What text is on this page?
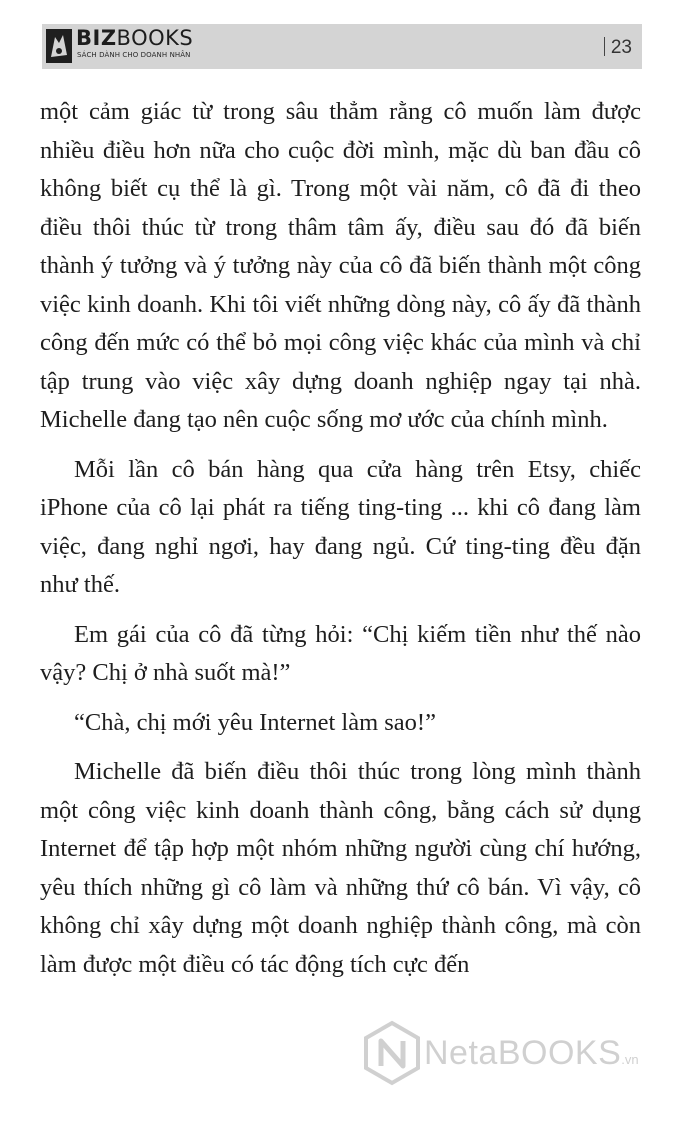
BIZBOOKS
SÁCH DÀNH CHO DOANH NHÂN	23

một cảm giác từ trong sâu thẳm rằng cô muốn làm được nhiều điều hơn nữa cho cuộc đời mình, mặc dù ban đầu cô không biết cụ thể là gì. Trong một vài năm, cô đã đi theo điều thôi thúc từ trong thâm tâm ấy, điều sau đó đã biến thành ý tưởng và ý tưởng này của cô đã biến thành một công việc kinh doanh. Khi tôi viết những dòng này, cô ấy đã thành công đến mức có thể bỏ mọi công việc khác của mình và chỉ tập trung vào việc xây dựng doanh nghiệp ngay tại nhà. Michelle đang tạo nên cuộc sống mơ ước của chính mình.

Mỗi lần cô bán hàng qua cửa hàng trên Etsy, chiếc iPhone của cô lại phát ra tiếng ting-ting ... khi cô đang làm việc, đang nghỉ ngơi, hay đang ngủ. Cứ ting-ting đều đặn như thế.

Em gái của cô đã từng hỏi: “Chị kiếm tiền như thế nào vậy? Chị ở nhà suốt mà!”

“Chà, chị mới yêu Internet làm sao!”

Michelle đã biến điều thôi thúc trong lòng mình thành một công việc kinh doanh thành công, bằng cách sử dụng Internet để tập hợp một nhóm những người cùng chí hướng, yêu thích những gì cô làm và những thứ cô bán. Vì vậy, cô không chỉ xây dựng một doanh nghiệp thành công, mà còn làm được một điều có tác động tích cực đến

NetaBOOKS.vn
